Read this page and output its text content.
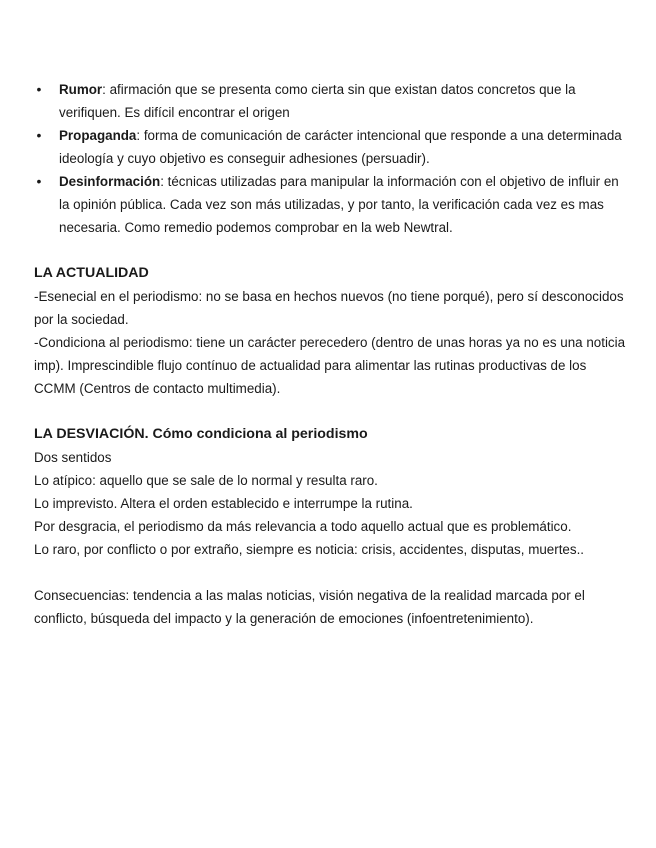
•
Rumor: afirmación que se presenta como cierta sin que existan datos concretos que la verifiquen. Es difícil encontrar el origen
•
Propaganda: forma de comunicación de carácter intencional que responde a una determinada ideología y cuyo objetivo es conseguir adhesiones (persuadir).
•
Desinformación: técnicas utilizadas para manipular la información con el objetivo de influir en la opinión pública. Cada vez son más utilizadas, y por tanto, la verificación cada vez es mas necesaria. Como remedio podemos comprobar en la web Newtral.
LA ACTUALIDAD

-Esenecial en el periodismo: no se basa en hechos nuevos (no tiene porqué), pero sí desconocidos por la sociedad.

-Condiciona al periodismo: tiene un carácter perecedero (dentro de unas horas ya no es una noticia imp). Imprescindible flujo contínuo de actualidad para alimentar las rutinas productivas de los CCMM (Centros de contacto multimedia).

LA DESVIACIÓN. Cómo condiciona al periodismo

Dos sentidos

Lo atípico: aquello que se sale de lo normal y resulta raro.

Lo imprevisto. Altera el orden establecido e interrumpe la rutina.

Por desgracia, el periodismo da más relevancia a todo aquello actual que es problemático.

Lo raro, por conflicto o por extraño, siempre es noticia: crisis, accidentes, disputas, muertes..

Consecuencias: tendencia a las malas noticias, visión negativa de la realidad marcada por el conflicto, búsqueda del impacto y la generación de emociones (infoentretenimiento).
